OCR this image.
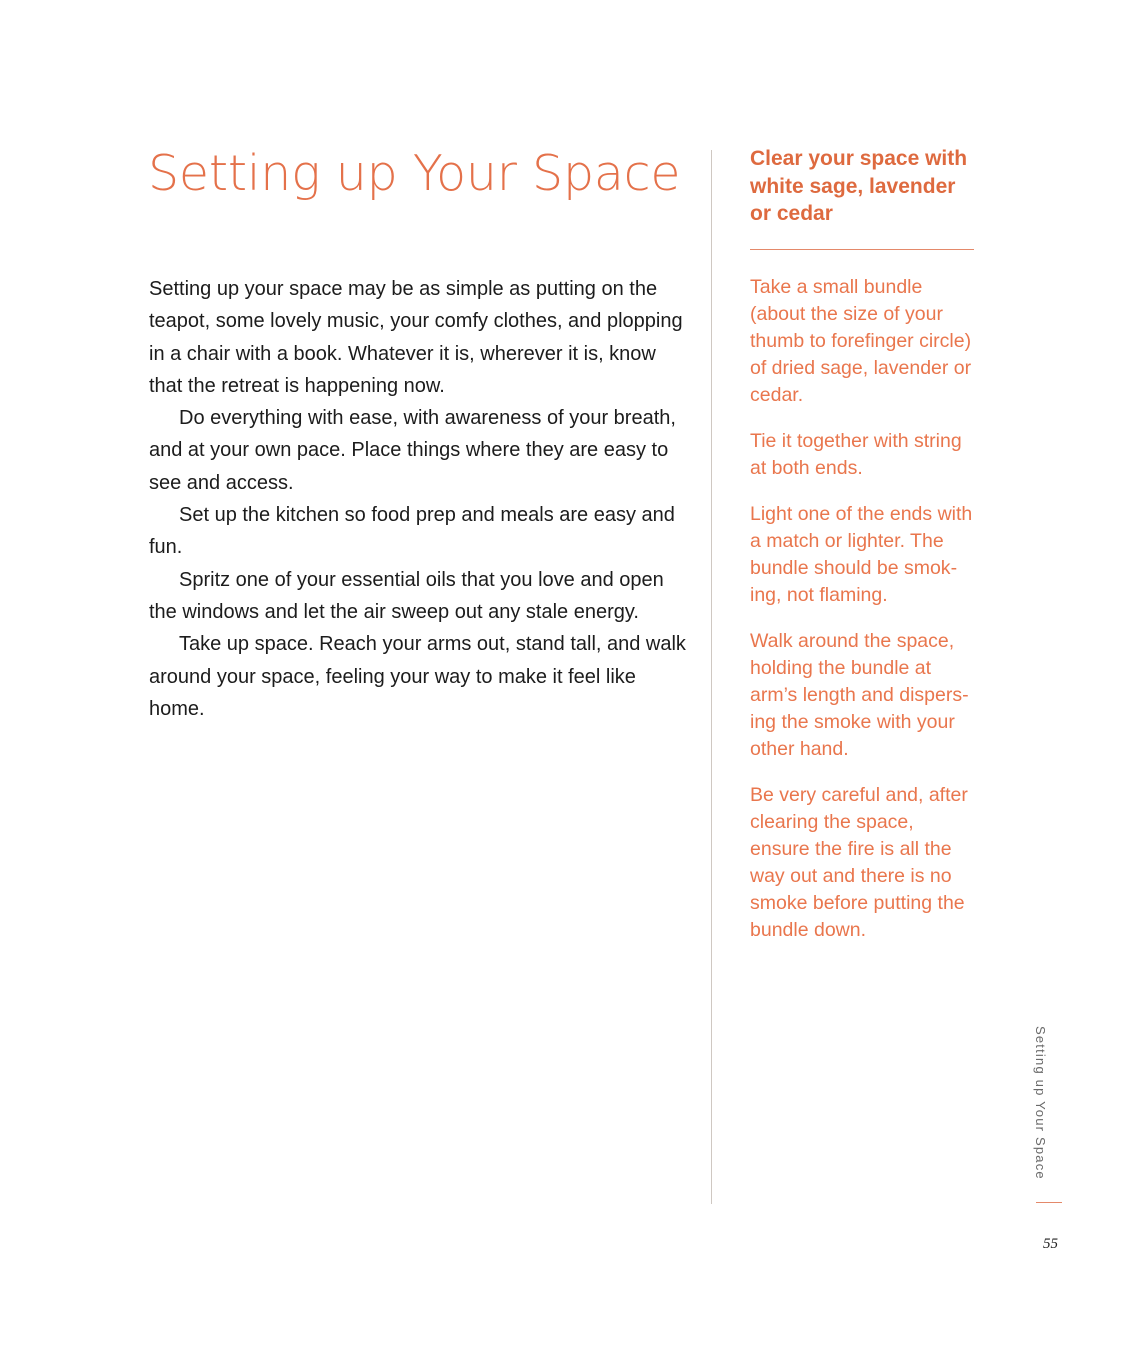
Setting up Your Space

Setting up your space may be as simple as putting on the teapot, some lovely music, your comfy clothes, and plopping in a chair with a book. Whatever it is, wherever it is, know that the retreat is happening now.

Do everything with ease, with awareness of your breath, and at your own pace. Place things where they are easy to see and access.

Set up the kitchen so food prep and meals are easy and fun.

Spritz one of your essential oils that you love and open the windows and let the air sweep out any stale energy.

Take up space. Reach your arms out, stand tall, and walk around your space, feeling your way to make it feel like home.

Clear your space with white sage, lavender or cedar

Take a small bundle (about the size of your thumb to forefinger circle) of dried sage, lavender or cedar.

Tie it together with string at both ends.

Light one of the ends with a match or lighter. The bundle should be smoking, not flaming.

Walk around the space, holding the bundle at arm’s length and dispersing the smoke with your other hand.

Be very careful and, after clearing the space, ensure the fire is all the way out and there is no smoke before putting the bundle down.

Setting up Your Space
55
